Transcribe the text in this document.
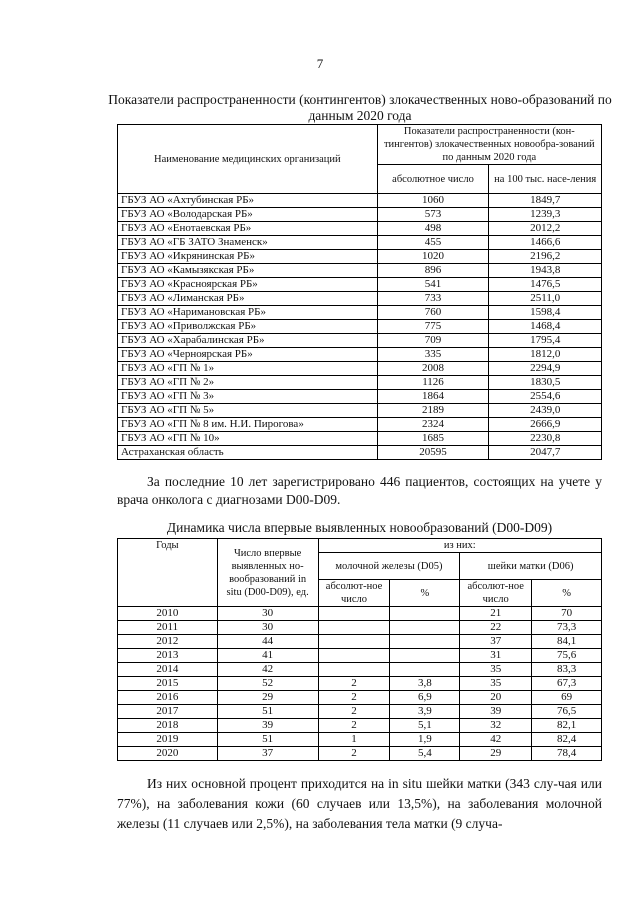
7
Показатели распространенности (контингентов) злокачественных ново-образований по данным 2020 года
Наименование медицинских организаций	Показатели распространенности (кон-тингентов) злокачественных новообра-зований по данным 2020 года	
	абсолютное число	на 100 тыс. насе-ления
ГБУЗ АО «Ахтубинская РБ»	1060	1849,7
ГБУЗ АО «Володарская РБ»	573	1239,3
ГБУЗ АО «Енотаевская РБ»	498	2012,2
ГБУЗ АО «ГБ ЗАТО Знаменск»	455	1466,6
ГБУЗ АО «Икрянинская РБ»	1020	2196,2
ГБУЗ АО «Камызякская РБ»	896	1943,8
ГБУЗ АО «Красноярская РБ»	541	1476,5
ГБУЗ АО «Лиманская РБ»	733	2511,0
ГБУЗ АО «Наримановская РБ»	760	1598,4
ГБУЗ АО «Приволжская РБ»	775	1468,4
ГБУЗ АО «Харабалинская РБ»	709	1795,4
ГБУЗ АО «Черноярская РБ»	335	1812,0
ГБУЗ АО «ГП № 1»	2008	2294,9
ГБУЗ АО «ГП № 2»	1126	1830,5
ГБУЗ АО «ГП № 3»	1864	2554,6
ГБУЗ АО «ГП № 5»	2189	2439,0
ГБУЗ АО «ГП № 8 им. Н.И. Пирогова»	2324	2666,9
ГБУЗ АО «ГП № 10»	1685	2230,8
Астраханская область	20595	2047,7
За последние 10 лет зарегистрировано 446 пациентов, состоящих на учете у врача онколога с диагнозами D00-D09.
Динамика числа впервые выявленных новообразований (D00-D09)
Годы	Число впервые выявленных но-вообразований in situ (D00-D09), ед.	из них:			
		молочной железы (D05)		шейки матки (D06)	
		абсолют-ное число	%	абсолют-ное число	%
2010	30			21	70
2011	30			22	73,3
2012	44			37	84,1
2013	41			31	75,6
2014	42			35	83,3
2015	52	2	3,8	35	67,3
2016	29	2	6,9	20	69
2017	51	2	3,9	39	76,5
2018	39	2	5,1	32	82,1
2019	51	1	1,9	42	82,4
2020	37	2	5,4	29	78,4
Из них основной процент приходится на in situ шейки матки (343 слу-чая или 77%), на заболевания кожи (60 случаев или 13,5%), на заболевания молочной железы (11 случаев или 2,5%), на заболевания тела матки (9 случа-
